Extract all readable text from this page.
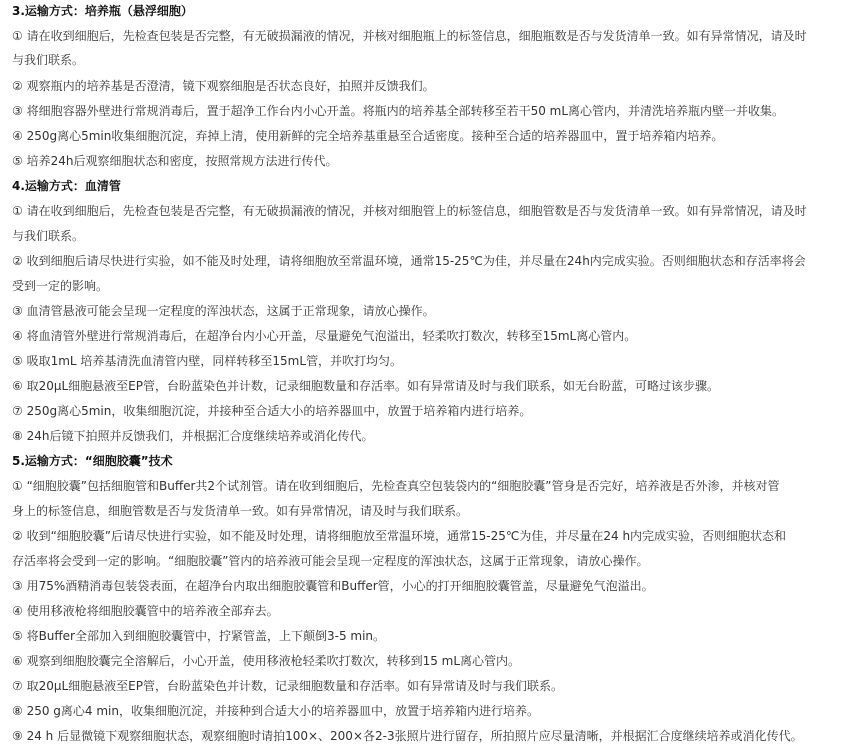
3.运输方式：培养瓶（悬浮细胞）
① 请在收到细胞后，先检查包装是否完整，有无破损漏液的情况，并核对细胞瓶上的标签信息，细胞瓶数是否与发货清单一致。如有异常情况，请及时
与我们联系。
② 观察瓶内的培养基是否澄清，镜下观察细胞是否状态良好，拍照并反馈我们。
③ 将细胞容器外壁进行常规消毒后，置于超净工作台内小心开盖。将瓶内的培养基全部转移至若干50 mL离心管内，并清洗培养瓶内壁一并收集。
④ 250g离心5min收集细胞沉淀，弃掉上清，使用新鲜的完全培养基重悬至合适密度。接种至合适的培养器皿中，置于培养箱内培养。
⑤ 培养24h后观察细胞状态和密度，按照常规方法进行传代。
4.运输方式：血清管
① 请在收到细胞后，先检查包装是否完整，有无破损漏液的情况，并核对细胞管上的标签信息，细胞管数是否与发货清单一致。如有异常情况，请及时
与我们联系。
② 收到细胞后请尽快进行实验，如不能及时处理，请将细胞放至常温环境，通常15-25℃为佳，并尽量在24h内完成实验。否则细胞状态和存活率将会
受到一定的影响。
③ 血清管悬液可能会呈现一定程度的浑浊状态，这属于正常现象，请放心操作。
④ 将血清管外壁进行常规消毒后，在超净台内小心开盖，尽量避免气泡溢出，轻柔吹打数次，转移至15mL离心管内。
⑤ 吸取1mL 培养基清洗血清管内壁，同样转移至15mL管，并吹打均匀。
⑥ 取20μL细胞悬液至EP管，台盼蓝染色并计数，记录细胞数量和存活率。如有异常请及时与我们联系，如无台盼蓝，可略过该步骤。
⑦ 250g离心5min，收集细胞沉淀，并接种至合适大小的培养器皿中，放置于培养箱内进行培养。
⑧ 24h后镜下拍照并反馈我们，并根据汇合度继续培养或消化传代。
5.运输方式：“细胞胶囊”技术
① “细胞胶囊”包括细胞管和Buffer共2个试剂管。请在收到细胞后，先检查真空包装袋内的“细胞胶囊”管身是否完好，培养液是否外渗，并核对管
身上的标签信息，细胞管数是否与发货清单一致。如有异常情况，请及时与我们联系。
② 收到“细胞胶囊”后请尽快进行实验，如不能及时处理，请将细胞放至常温环境，通常15-25℃为佳，并尽量在24 h内完成实验，否则细胞状态和
存活率将会受到一定的影响。“细胞胶囊”管内的培养液可能会呈现一定程度的浑浊状态，这属于正常现象，请放心操作。
③ 用75%酒精消毒包装袋表面，在超净台内取出细胞胶囊管和Buffer管，小心的打开细胞胶囊管盖，尽量避免气泡溢出。
④ 使用移液枪将细胞胶囊管中的培养液全部弃去。
⑤ 将Buffer全部加入到细胞胶囊管中，拧紧管盖，上下颠倒3-5 min。
⑥ 观察到细胞胶囊完全溶解后，小心开盖，使用移液枪轻柔吹打数次，转移到15 mL离心管内。
⑦ 取20μL细胞悬液至EP管，台盼蓝染色并计数，记录细胞数量和存活率。如有异常请及时与我们联系。
⑧ 250 g离心4 min，收集细胞沉淀，并接种到合适大小的培养器皿中，放置于培养箱内进行培养。
⑨ 24 h 后显微镜下观察细胞状态，观察细胞时请拍100×、200×各2-3张照片进行留存，所拍照片应尽量清晰，并根据汇合度继续培养或消化传代。
